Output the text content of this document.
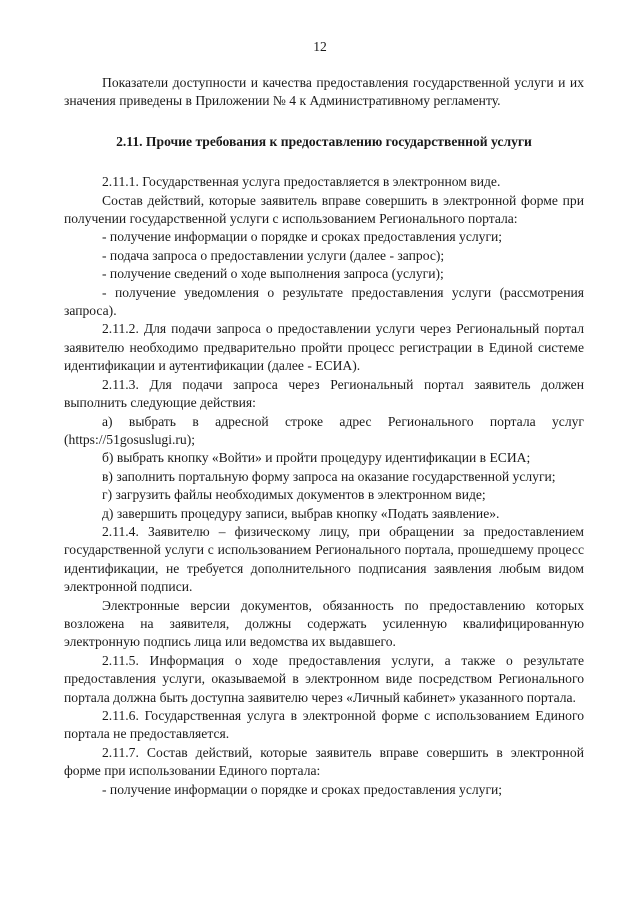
12

Показатели доступности и качества предоставления государственной услуги и их значения приведены в Приложении № 4 к Административному регламенту.

2.11. Прочие требования к предоставлению государственной услуги

2.11.1. Государственная услуга предоставляется в электронном виде.

Состав действий, которые заявитель вправе совершить в электронной форме при получении государственной услуги с использованием Регионального портала:

- получение информации о порядке и сроках предоставления услуги;

- подача запроса о предоставлении услуги (далее - запрос);

- получение сведений о ходе выполнения запроса (услуги);

- получение уведомления о результате предоставления услуги (рассмотрения запроса).

2.11.2. Для подачи запроса о предоставлении услуги через Региональный портал заявителю необходимо предварительно пройти процесс регистрации в Единой системе идентификации и аутентификации (далее - ЕСИА).

2.11.3. Для подачи запроса через Региональный портал заявитель должен выполнить следующие действия:

а) выбрать в адресной строке адрес Регионального портала услуг (https://51gosuslugi.ru);

б) выбрать кнопку «Войти» и пройти процедуру идентификации в ЕСИА;

в) заполнить портальную форму запроса на оказание государственной услуги;

г) загрузить файлы необходимых документов в электронном виде;

д) завершить процедуру записи, выбрав кнопку «Подать заявление».

2.11.4. Заявителю – физическому лицу, при обращении за предоставлением государственной услуги с использованием Регионального портала, прошедшему процесс идентификации, не требуется дополнительного подписания заявления любым видом электронной подписи.

Электронные версии документов, обязанность по предоставлению которых возложена на заявителя, должны содержать усиленную квалифицированную электронную подпись лица или ведомства их выдавшего.

2.11.5. Информация о ходе предоставления услуги, а также о результате предоставления услуги, оказываемой в электронном виде посредством Регионального портала должна быть доступна заявителю через «Личный кабинет» указанного портала.

2.11.6. Государственная услуга в электронной форме с использованием Единого портала не предоставляется.

2.11.7. Состав действий, которые заявитель вправе совершить в электронной форме при использовании Единого портала:

- получение информации о порядке и сроках предоставления услуги;
